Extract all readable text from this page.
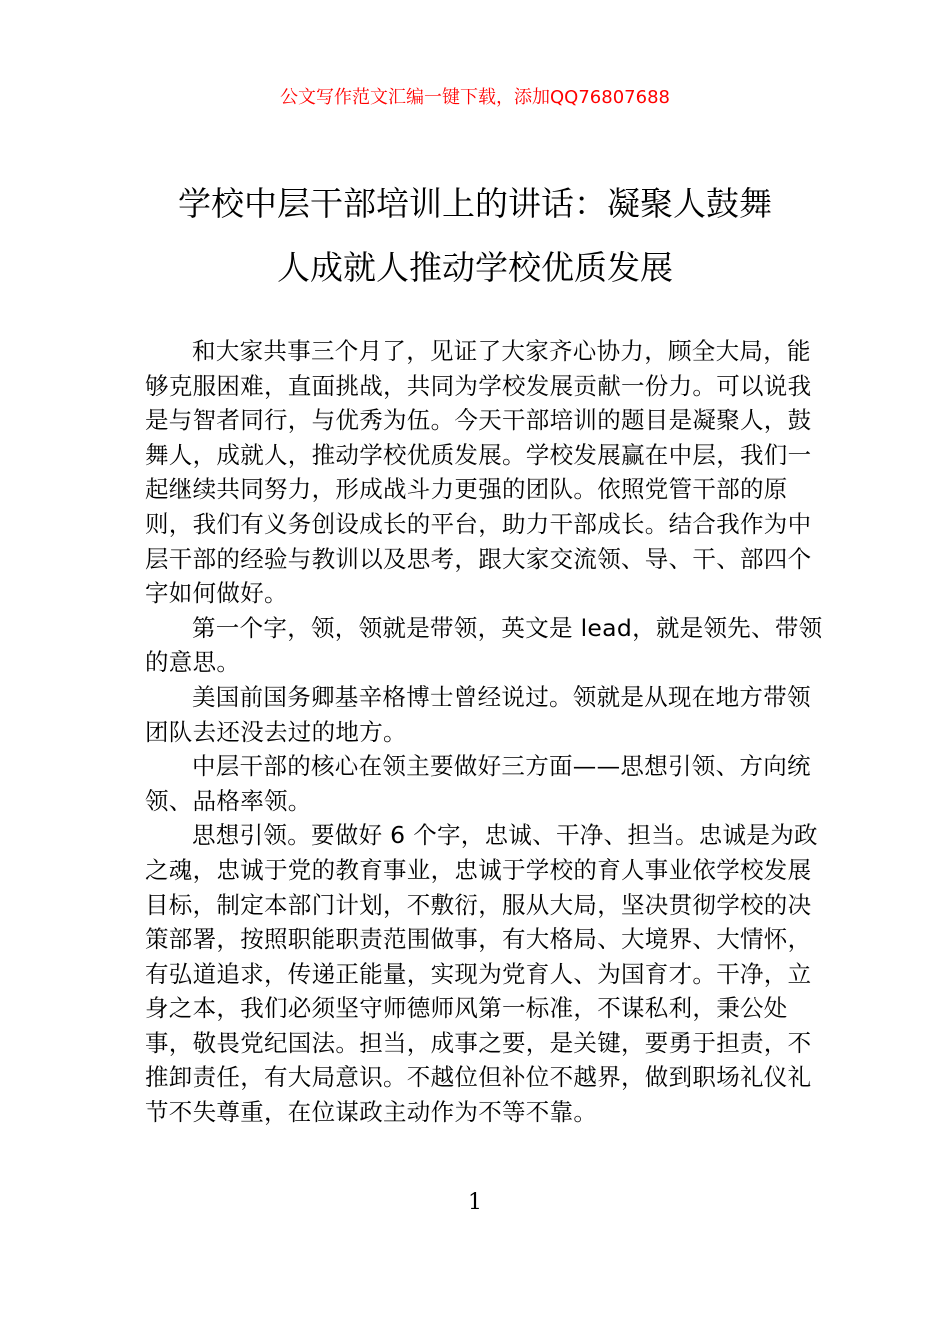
公文写作范文汇编一键下载，添加QQ76807688
学校中层干部培训上的讲话：凝聚人鼓舞
人成就人推动学校优质发展

和大家共事三个月了，见证了大家齐心协力，顾全大局，能够克服困难，直面挑战，共同为学校发展贡献一份力。可以说我是与智者同行，与优秀为伍。今天干部培训的题目是凝聚人，鼓舞人，成就人，推动学校优质发展。学校发展赢在中层，我们一起继续共同努力，形成战斗力更强的团队。依照党管干部的原则，我们有义务创设成长的平台，助力干部成长。结合我作为中层干部的经验与教训以及思考，跟大家交流领、导、干、部四个字如何做好。

第一个字，领，领就是带领，英文是 lead，就是领先、带领的意思。

美国前国务卿基辛格博士曾经说过。领就是从现在地方带领团队去还没去过的地方。

中层干部的核心在领主要做好三方面——思想引领、方向统领、品格率领。

思想引领。要做好 6 个字，忠诚、干净、担当。忠诚是为政之魂，忠诚于党的教育事业，忠诚于学校的育人事业依学校发展目标，制定本部门计划，不敷衍，服从大局，坚决贯彻学校的决策部署，按照职能职责范围做事，有大格局、大境界、大情怀，有弘道追求，传递正能量，实现为党育人、为国育才。干净，立身之本，我们必须坚守师德师风第一标准，不谋私利，秉公处事，敬畏党纪国法。担当，成事之要，是关键，要勇于担责，不推卸责任，有大局意识。不越位但补位不越界，做到职场礼仪礼节不失尊重，在位谋政主动作为不等不靠。

1
